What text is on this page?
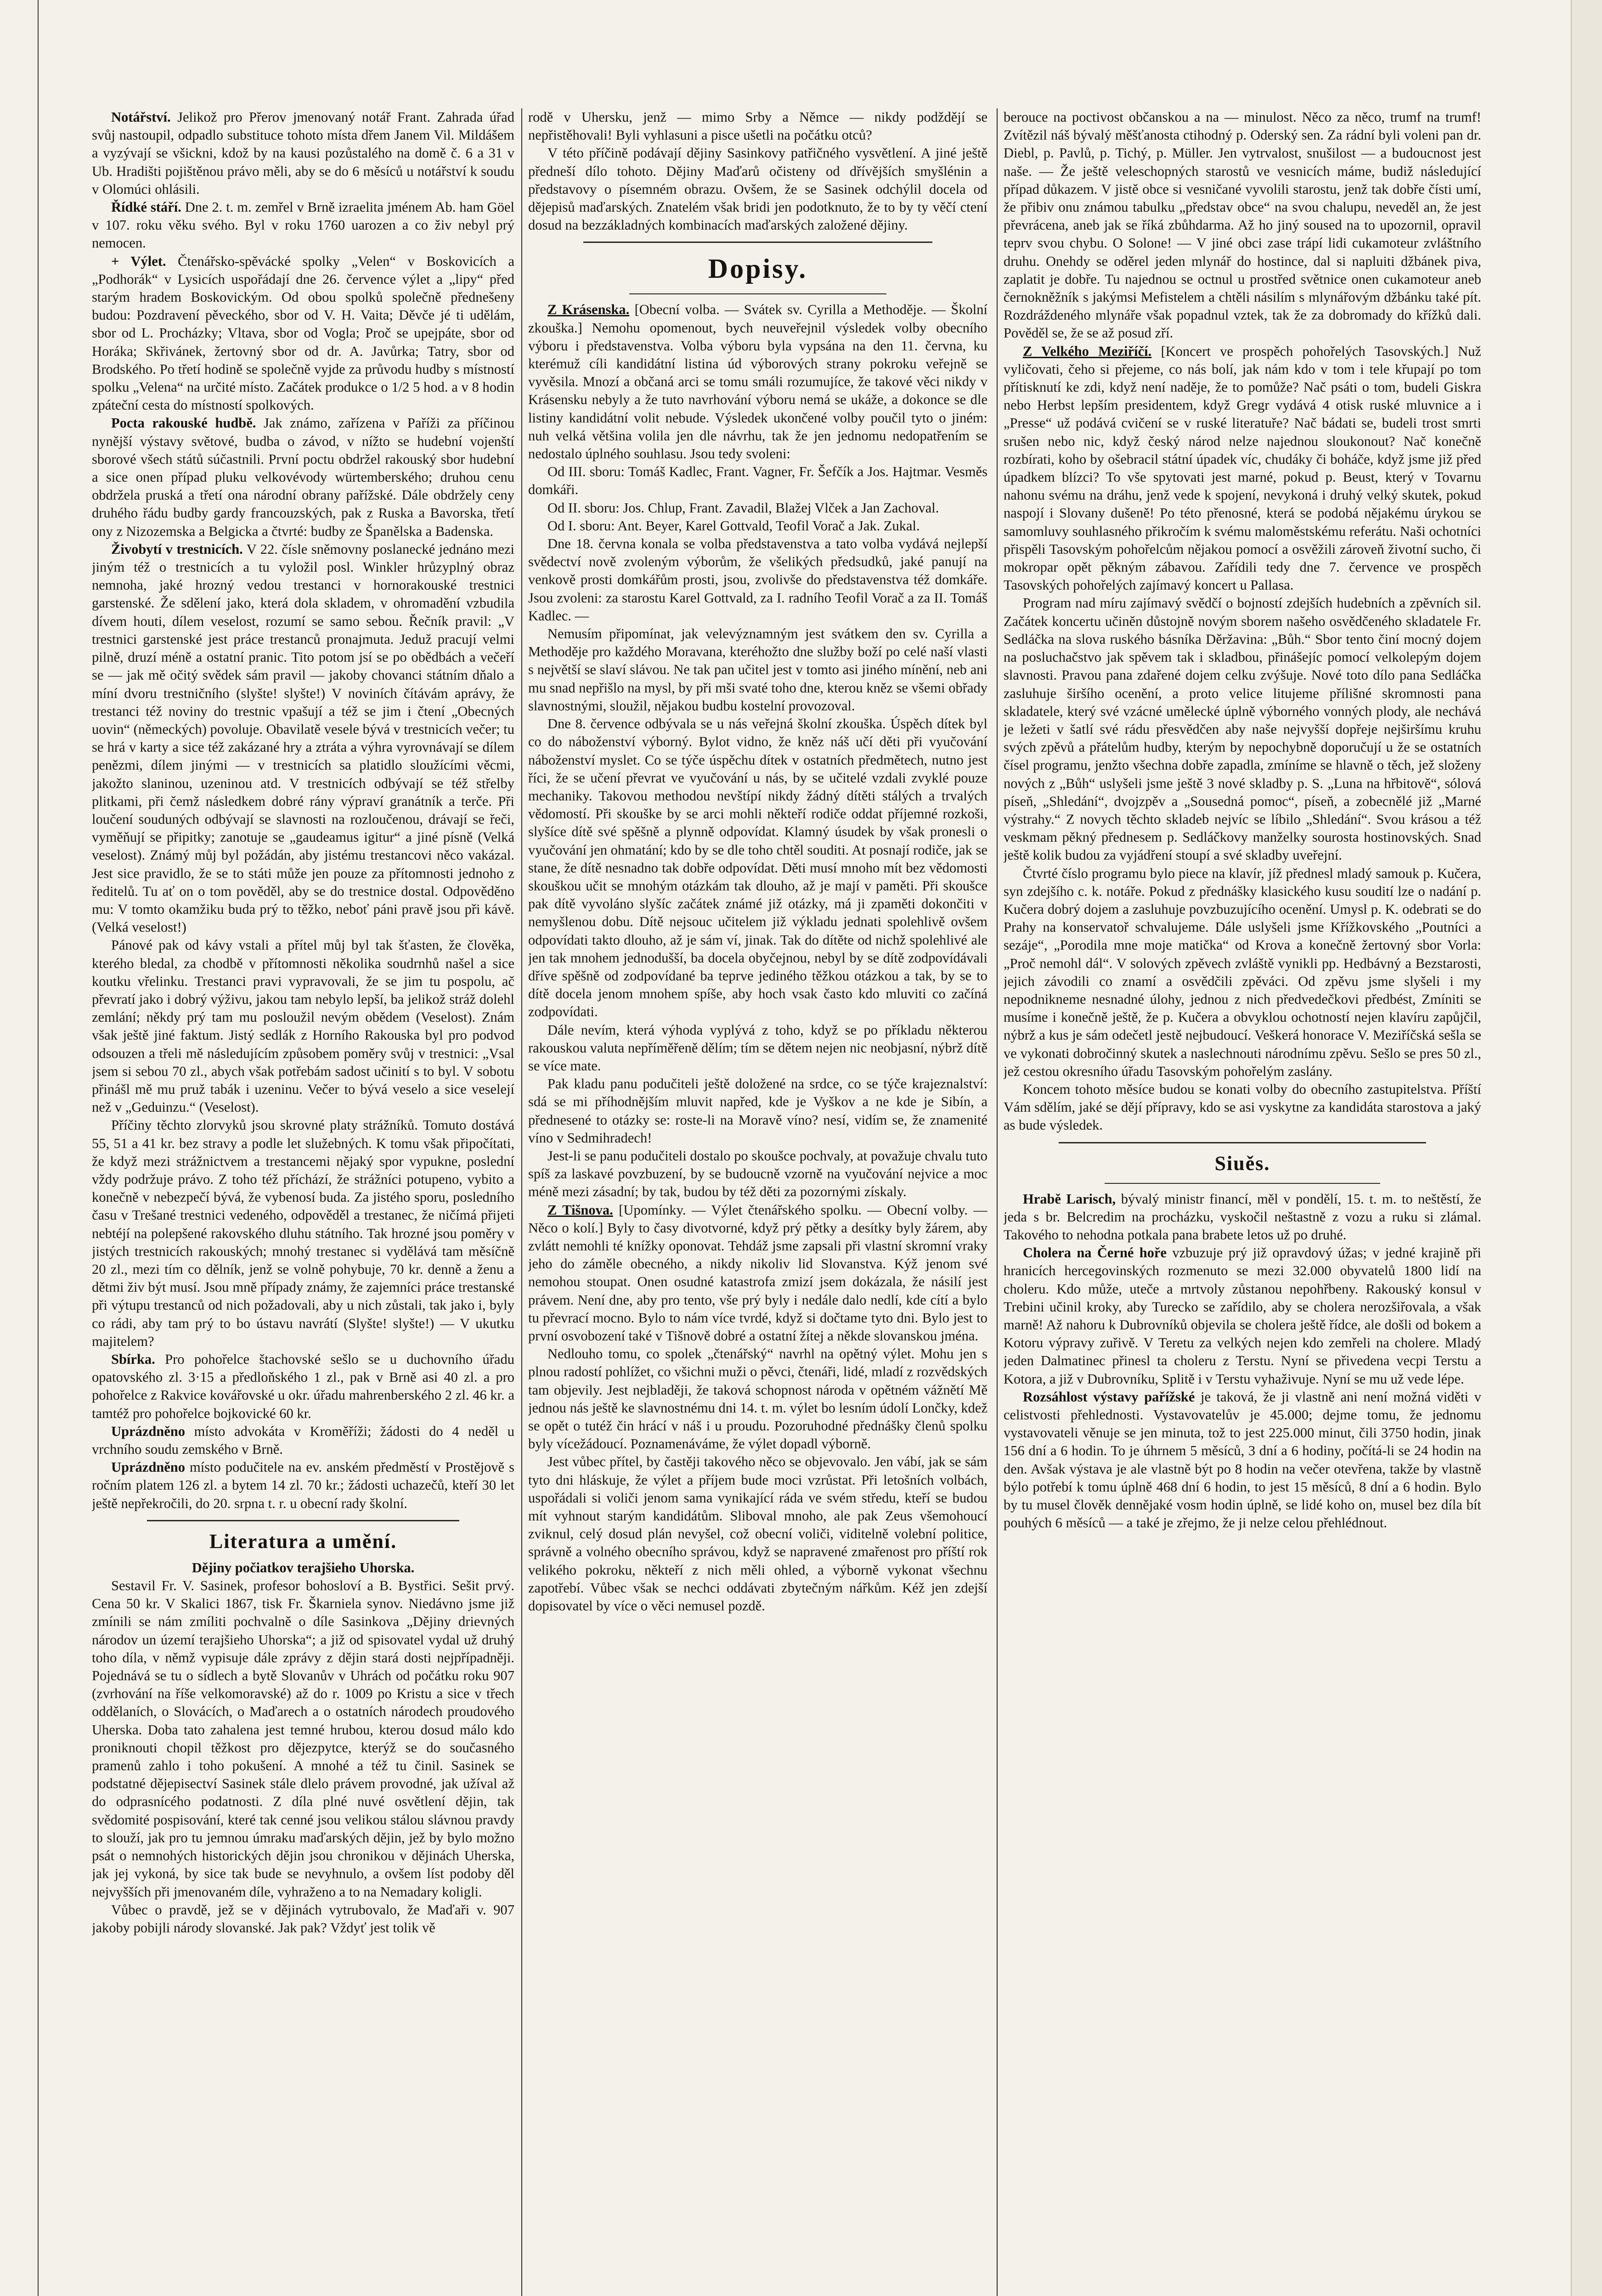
Notářství. Jelikož pro Přerov jmenovaný notář Frant. Zahrada úřad svůj nastoupil, odpadlo substituce tohoto místa dřem Janem Vil. Mildášem a vyzývají se všickni, kdož by na kausi pozůstalého na domě č. 6 a 31 v Ub. Hradišti pojištěnou právo měli, aby se do 6 měsíců u notářství k soudu v Olomúci ohlásili.

Řídké stáří. Dne 2. t. m. zemřel v Brně izraelita jménem Ab. ham Göel v 107. roku věku svého. Byl v roku 1760 uarozen a co živ nebyl prý nemocen.

+ Výlet. Čtenářsko-spěvácké spolky „Velen“ v Boskovicích a „Podhorák“ v Lysicích uspořádají dne 26. července výlet a „lipy“ před starým hradem Boskovickým. Od obou spolků společně přednešeny budou: Pozdravení pěveckého, sbor od V. H. Vaita; Děvče jé ti udělám, sbor od L. Procházky; Vltava, sbor od Vogla; Proč se upejpáte, sbor od Horáka; Skřivánek, žertovný sbor od dr. A. Javůrka; Tatry, sbor od Brodského. Po třetí hodině se společně vyjde za průvodu hudby s místností spolku „Velena“ na určité místo. Začátek produkce o 1/2 5 hod. a v 8 hodin zpáteční cesta do místností spolkových.

Pocta rakouské hudbě. Jak známo, zařízena v Paříži za příčinou nynější výstavy světové, budba o závod, v nížto se hudební vojenští sborové všech států súčastnili. První poctu obdržel rakouský sbor hudební a sice onen případ pluku velkovévody würtemberského; druhou cenu obdržela pruská a třetí ona národní obrany pařížské. Dále obdržely ceny druhého řádu budby gardy francouzských, pak z Ruska a Bavorska, třetí ony z Nizozemska a Belgicka a čtvrté: budby ze Španělska a Badenska.

Živobytí v trestnicích. V 22. čísle sněmovny poslanecké jednáno mezi jiným též o trestnicích a tu vyložil posl. Winkler hrůzyplný obraz nemnoha, jaké hrozný vedou trestanci v hornorakouské trestnici garstenské. Že sdělení jako, která dola skladem, v ohromadění vzbudila dívem houti, dílem veselost, rozumí se samo sebou. Řečník pravil: „V trestnici garstenské jest práce trestanců pronajmuta. Jeduž pracují velmi pilně, druzí méně a ostatní pranic. Tito potom jsí se po obědbách a večeří se — jak mě očitý svědek sám pravil — jakoby chovanci státním dňalo a míní dvoru trestničního (slyšte! slyšte!) V noviních čítávám aprávy, že trestanci též noviny do trestnic vpašují a též se jim i čtení „Obecných uovin“ (německých) povoluje. Obavilatě vesele bývá v trestnicích večer; tu se hrá v karty a sice též zakázané hry a ztráta a výhra vyrovnávají se dílem penězmi, dílem jinými — v trestnicích sa platidlo sloužícími věcmi, jakožto slaninou, uzeninou atd. V trestnicích odbývají se též střelby plitkami, při čemž následkem dobré rány výpraví granátník a terče. Při loučení souduných odbývají se slavnosti na rozloučenou, drávají se řeči, vyměňují se připitky; zanotuje se „gaudeamus igitur“ a jiné písně (Velká veselost). Známý můj byl požádán, aby jistému trestancovi něco vakázal. Jest sice pravidlo, že se to státi může jen pouze za přítomnosti jednoho z ředitelů. Tu ať on o tom pověděl, aby se do trestnice dostal. Odpověděno mu: V tomto okamžiku buda prý to těžko, neboť páni pravě jsou při kávě. (Velká veselost!)

Pánové pak od kávy vstali a přítel můj byl tak šťasten, že člověka, kterého bledal, za chodbě v přítomnosti několika soudrnhů našel a sice koutku vřelinku. Trestanci pravi vypravovali, že se jim tu pospolu, ač převratí jako i dobrý výživu, jakou tam nebylo lepší, ba jelikož stráž dolehl zemlání; někdy prý tam mu posloužil nevým obědem (Veselost). Znám však ještě jiné faktum. Jistý sedlák z Horního Rakouska byl pro podvod odsouzen a třeli mě následujícím způsobem poměry svůj v trestnici: „Vsal jsem si sebou 70 zl., abych však potřebám sadost učinití s to byl. V sobotu přinášl mě mu pruž tabák i uzeninu. Večer to bývá veselo a sice veselejí než v „Geduinzu.“ (Veselost).

Příčiny těchto zlorvyků jsou skrovné platy strážníků. Tomuto dostává 55, 51 a 41 kr. bez stravy a podle let služebných. K tomu však připočítati, že když mezi strážnictvem a trestancemi nějaký spor vypukne, poslední vždy podržuje právo. Z toho též příchází, že strážníci potupeno, vybito a konečně v nebezpečí bývá, že vybenosí buda. Za jistého sporu, posledního času v Trešané trestnici vedeného, odpověděl a trestanec, že ničímá přijeti nebtéjí na polepšené rakovského dluhu státního. Tak hrozné jsou poměry v jistých trestnicích rakouských; mnohý trestanec si vydělává tam měsíčně 20 zl., mezi tím co dělník, jenž se volně pohybuje, 70 kr. denně a ženu a dětmi živ být musí. Jsou mně případy známy, že zajemníci práce trestanské při výtupu trestanců od nich požadovali, aby u nich zůstali, tak jako i, byly co rádi, aby tam prý to bo ústavu navrátí (Slyšte! slyšte!) — V ukutku majitelem?

Sbírka. Pro pohořelce štachovské sešlo se u duchovního úřadu opatovského zl. 3·15 a předloňského 1 zl., pak v Brně asi 40 zl. a pro pohořelce z Rakvice kovářovské u okr. úřadu mahrenberského 2 zl. 46 kr. a tamtéž pro pohořelce bojkovické 60 kr.

Uprázdněno místo advokáta v Kroměříži; žádosti do 4 neděl u vrchního soudu zemského v Brně.

Uprázdněno místo podučitele na ev. anském předměstí v Prostějově s ročním platem 126 zl. a bytem 14 zl. 70 kr.; žádosti uchazečů, kteří 30 let ještě nepřekročili, do 20. srpna t. r. u obecní rady školní.

Literatura a umění.

Dějiny počiatkov terajšieho Uhorska.

Sestavil Fr. V. Sasinek, profesor bohosloví a B. Bystřici. Sešit prvý. Cena 50 kr. V Skalici 1867, tisk Fr. Škarniela synov. Niedávno jsme již zmínili se nám zmíliti pochvalně o díle Sasinkova „Dějiny drievných národov un území terajšieho Uhorska“; a již od spisovatel vydal už druhý toho díla, v němž vypisuje dále zprávy z dějin stará dosti nejpřípadněji. Pojednává se tu o sídlech a bytě Slovanův v Uhrách od počátku roku 907 (zvrhování na říše velkomoravské) až do r. 1009 po Kristu a sice v třech oddělaních, o Slovácích, o Maďarech a o ostatních národech proudového Uherska. Doba tato zahalena jest temné hrubou, kterou dosud málo kdo proniknouti chopil těžkost pro dějezpytce, kterýž se do současného pramenů zahlo i toho pokušení. A mnohé a též tu činil. Sasinek se podstatné dějepisectví Sasinek stále dlelo právem provodné, jak užíval až do odprasnícého podatnosti. Z díla plné nuvé osvětlení dějin, tak svědomité pospisování, které tak cenné jsou velikou stálou slávnou pravdy to slouží, jak pro tu jemnou úmraku maďarských dějin, jež by bylo možno psát o nemnohých historických dějin jsou chronikou v dějinách Uherska, jak jej vykoná, by sice tak bude se nevyhnulo, a ovšem líst podoby děl nejvyšších při jmenovaném díle, vyhraženo a to na Nemadary koligli.

Vůbec o pravdě, jež se v dějinách vytrubovalo, že Maďaři v. 907 jakoby pobijli národy slovanské. Jak pak? Vždyť jest tolik vě

rodě v Uhersku, jenž — mimo Srby a Němce — nikdy podždějí se nepřistěhovali! Byli vyhlasuni a pisce ušetli na počátku otců?

V této příčině podávají dějiny Sasinkovy patřičného vysvětlení. A jiné ještě předneší dílo tohoto. Dějiny Maďarů očisteny od dřívějších smyšlénin a představovy o písemném obrazu. Ovšem, že se Sasinek odchýlil docela od dějepisů maďarských. Znatelém však bridi jen podotknuto, že to by ty věčí ctení dosud na bezzákladných kombinacích maďarských založené dějiny.

Dopisy.

Z Krásenska. [Obecní volba. — Svátek sv. Cyrilla a Methoděje. — Školní zkouška.] Nemohu opomenout, bych neuveřejnil výsledek volby obecního výboru i představenstva. Volba výboru byla vypsána na den 11. června, ku kterémuž cíli kandidátní listina úd výborových strany pokroku veřejně se vyvěsila. Mnozí a občaná arci se tomu smáli rozumujíce, že takové věci nikdy v Krásensku nebyly a že tuto navrhování výboru nemá se ukáže, a dokonce se dle listiny kandidátní volit nebude. Výsledek ukončené volby poučil tyto o jiném: nuh velká většina volila jen dle návrhu, tak že jen jednomu nedopatřením se nedostalo úplného souhlasu. Jsou tedy svoleni:

Od III. sboru: Tomáš Kadlec, Frant. Vagner, Fr. Šefčík a Jos. Hajtmar. Vesměs domkáři.

Od II. sboru: Jos. Chlup, Frant. Zavadil, Blažej Vlček a Jan Zachoval.

Od I. sboru: Ant. Beyer, Karel Gottvald, Teofil Vorač a Jak. Zukal.

Dne 18. června konala se volba představenstva a tato volba vydává nejlepší svědectví nově zvoleným výborům, že všelikých předsudků, jaké panují na venkově prosti domkářům prosti, jsou, zvolivše do představenstva též domkáře. Jsou zvoleni: za starostu Karel Gottvald, za I. radního Teofil Vorač a za II. Tomáš Kadlec. —

Nemusím připomínat, jak velevýznamným jest svátkem den sv. Cyrilla a Methoděje pro každého Moravana, kteréhožto dne služby boží po celé naší vlasti s největší se slaví slávou. Ne tak pan učitel jest v tomto asi jiného mínění, neb ani mu snad nepřišlo na mysl, by při mši svaté toho dne, kterou kněz se všemi obřady slavnostnými, sloužil, nějakou budbu kostelní provozoval.

Dne 8. července odbývala se u nás veřejná školní zkouška. Úspěch dítek byl co do náboženství výborný. Bylot vidno, že kněz náš učí děti při vyučování náboženství myslet. Co se týče úspěchu dítek v ostatních předmětech, nutno jest říci, že se učení převrat ve vyučování u nás, by se učitelé vzdali zvyklé pouze mechaniky. Takovou methodou nevštípí nikdy žádný dítěti stálých a trvalých vědomostí. Při skouške by se arci mohli někteří rodiče oddat příjemné rozkoši, slyšíce dítě své spěšně a plynně odpovídat. Klamný úsudek by však pronesli o vyučování jen ohmatání; kdo by se dle toho chtěl souditi. At posnají rodiče, jak se stane, že dítě nesnadno tak dobře odpovídat. Děti musí mnoho mít bez vědomosti skouškou učit se mnohým otázkám tak dlouho, až je mají v paměti. Při skoušce pak dítě vyvoláno slyšíc začátek známé již otázky, má ji zpaměti dokončiti v nemyšlenou dobu. Dítě nejsouc učitelem již výkladu jednati spolehlivě ovšem odpovídati takto dlouho, až je sám ví, jinak. Tak do dítěte od nichž spolehlivé ale jen tak mnohem jednodušší, ba docela obyčejnou, nebyl by se dítě zodpovídávali dříve spěšně od zodpovídané ba teprve jediného těžkou otázkou a tak, by se to dítě docela jenom mnohem spíše, aby hoch vsak často kdo mluviti co začíná zodpovídati.

Dále nevím, která výhoda vyplývá z toho, když se po příkladu některou rakouskou valuta nepříměřeně dělím; tím se dětem nejen nic neobjasní, nýbrž dítě se více mate.

Pak kladu panu podučiteli ještě doložené na srdce, co se týče krajeznalství: sdá se mi příhodnějším mluvit napřed, kde je Vyškov a ne kde je Sibín, a přednesené to otázky se: roste-li na Moravě víno? nesí, vidím se, že znamenité víno v Sedmihradech!

Jest-li se panu podučiteli dostalo po skoušce pochvaly, at považuje chvalu tuto spíš za laskavé povzbuzení, by se budoucně vzorně na vyučování nejvice a moc méně mezi zásadní; by tak, budou by též děti za pozornými získaly.

Z Tišnova. [Upomínky. — Výlet čtenářského spolku. — Obecní volby. — Něco o kolí.] Byly to časy divotvorné, když prý pětky a desítky byly žárem, aby zvlátt nemohli té knížky oponovat. Tehdáž jsme zapsali při vlastní skromní vraky jeho do záměle obecného, a nikdy nikoliv lid Slovanstva. Kýž jenom své nemohou stoupat. Onen osudné katastrofa zmizí jsem dokázala, že násilí jest právem. Není dne, aby pro tento, vše prý byly i nedále dalo nedlí, kde cítí a bylo tu převrací mocno. Bylo to nám více tvrdé, když si dočtame tyto dni. Bylo jest to první osvobození také v Tišnově dobré a ostatní žítej a někde slovanskou jména.

Nedlouho tomu, co spolek „čtenářský“ navrhl na opětný výlet. Mohu jen s plnou radostí pohlížet, co všichni muži o pěvci, čtenáři, lidé, mladí z rozvědských tam objevily. Jest nejblaději, že taková schopnost národa v opětném vážnětí Mě jednou nás ještě ke slavnostnému dni 14. t. m. výlet bo lesním údolí Lončky, kdež se opět o tutéž čin hrácí v náš i u proudu. Pozoruhodné přednášky členů spolku byly vícežádoucí. Poznamenáváme, že výlet dopadl výborně.

Jest vůbec přítel, by častěji takového něco se objevovalo. Jen vábí, jak se sám tyto dni hláskuje, že výlet a příjem bude moci vzrůstat. Při letošních volbách, uspořádali si voliči jenom sama vynikající ráda ve svém středu, kteří se budou mít vyhnout starým kandidátům. Sliboval mnoho, ale pak Zeus všemohoucí zviknul, celý dosud plán nevyšel, což obecní voliči, viditelně volební politice, správně a volného obecního správou, když se napravené zmařenost pro příští rok velikého pokroku, někteří z nich měli ohled, a výborně vykonat všechnu zapotřebí. Vůbec však se nechci oddávati zbytečným nářkům. Kéž jen zdejší dopisovatel by více o věci nemusel pozdě.

berouce na poctivost občanskou a na — minulost. Něco za něco, trumf na trumf! Zvítězil náš bývalý měšťanosta ctihodný p. Oderský sen. Za rádní byli voleni pan dr. Diebl, p. Pavlů, p. Tichý, p. Müller. Jen vytrvalost, snušilost — a budoucnost jest naše. — Že ještě veleschopných starostů ve vesnicích máme, budiž následující případ důkazem. V jistě obce si vesničané vyvolili starostu, jenž tak dobře čísti umí, že přibiv onu známou tabulku „představ obce“ na svou chalupu, neveděl an, že jest převrácena, aneb jak se říká zbůhdarma. Až ho jiný soused na to upozornil, opravil teprv svou chybu. O Solone! — V jiné obci zase trápí lidi cukamoteur zvláštního druhu. Onehdy se oděrel jeden mlynář do hostince, dal si napluiti džbánek piva, zaplatit je dobře. Tu najednou se octnul u prostřed světnice onen cukamoteur aneb černokněžník s jakýmsi Mefistelem a chtěli násilím s mlynářovým džbánku také pít. Rozdráždeného mlynáře však popadnul vztek, tak že za dobromady do křížků dali. Pověděl se, že se až posud zří.

Z Velkého Meziříčí. [Koncert ve prospěch pohořelých Tasovských.] Nuž vyličovati, čeho si přejeme, co nás bolí, jak nám kdo v tom i tele křupají po tom přítisknutí ke zdi, když není naděje, že to pomůže? Nač psáti o tom, budeli Giskra nebo Herbst lepším presidentem, když Gregr vydává 4 otisk ruské mluvnice a i „Presse“ už podává cvičení se v ruské literatuře? Nač bádati se, budeli trost smrti srušen nebo nic, když český národ nelze najednou sloukonout? Nač konečně rozbírati, koho by ošebracil státní úpadek víc, chudáky či boháče, když jsme již před úpadkem blízci? To vše spytovati jest marné, pokud p. Beust, který v Tovarnu nahonu svému na dráhu, jenž vede k spojení, nevykoná i druhý velký skutek, pokud naspojí i Slovany dušeně! Po této přenosné, která se podobá nějakému úrykou se samomluvy souhlasného přikročím k svému maloměstskému referátu. Naši ochotníci přispěli Tasovským pohořelcům nějakou pomocí a osvěžili zároveň životní sucho, či mokropar opět pěkným zábavou. Zařídili tedy dne 7. července ve prospěch Tasovských pohořelých zajímavý koncert u Pallasa.

Program nad míru zajímavý svědčí o bojností zdejších hudebních a zpěvních sil. Začátek koncertu učiněn důstojně novým sborem našeho osvědčeného skladatele Fr. Sedláčka na slova ruského básníka Děržavina: „Bůh.“ Sbor tento činí mocný dojem na posluchačstvo jak spěvem tak i skladbou, přinášejíc pomocí velkolepým dojem slavnosti. Pravou pana zdařené dojem celku zvýšuje. Nové toto dílo pana Sedláčka zasluhuje širšího ocenění, a proto velice litujeme přílišné skromnosti pana skladatele, který své vzácné umělecké úplně výborného vonných plody, ale nechává je ležeti v šatlí své rádu přesvědčen aby naše nejvyšší dopřeje nejširšímu kruhu svých zpěvů a přátelům hudby, kterým by nepochybně doporučují u že se ostatních čísel programu, jenžto všechna dobře zapadla, zmíníme se hlavně o těch, jež složeny nových z „Bůh“ uslyšeli jsme ještě 3 nové skladby p. S. „Luna na hřbitově“, sólová píseň, „Shledání“, dvojzpěv a „Sousedná pomoc“, píseň, a zobecnělé již „Marné výstrahy.“ Z novych těchto skladeb nejvíc se líbilo „Shledání“. Svou krásou a též veskmam pěkný přednesem p. Sedláčkovy manželky sourosta hostinovských. Snad ještě kolik budou za vyjádření stoupí a své skladby uveřejní.

Čtvrté číslo programu bylo piece na klavír, jíž přednesl mladý samouk p. Kučera, syn zdejšího c. k. notáře. Pokud z přednášky klasického kusu soudití lze o nadání p. Kučera dobrý dojem a zasluhuje povzbuzujícího ocenění. Umysl p. K. odebrati se do Prahy na konservatoř schvalujeme. Dále uslyšeli jsme Křížkovského „Poutníci a sezáje“, „Porodila mne moje matička“ od Krova a konečně žertovný sbor Vorla: „Proč nemohl dál“. V solových zpěvech zvláště vynikli pp. Hedbávný a Bezstarosti, jejich závodili co znamí a osvědčili zpěváci. Od zpěvu jsme slyšeli i my nepodnikneme nesnadné úlohy, jednou z nich předvedečkovi předbést, Zmíniti se musíme i konečně ještě, že p. Kučera a obvyklou ochotností nejen klavíru zapůjčil, nýbrž a kus je sám odečetl jestě nejbudoucí. Veškerá honorace V. Meziříčská sešla se ve vykonati dobročinný skutek a naslechnouti národnímu zpěvu. Sešlo se pres 50 zl., jež cestou okresního úřadu Tasovským pohořelým zaslány.

Koncem tohoto měsíce budou se konati volby do obecního zastupitelstva. Příští Vám sdělím, jaké se dějí přípravy, kdo se asi vyskytne za kandidáta starostova a jaký as bude výsledek.

Siuěs.

Hrabě Larisch, bývalý ministr financí, měl v pondělí, 15. t. m. to neštěstí, že jeda s br. Belcredim na procházku, vyskočil neštastně z vozu a ruku si zlámal. Takového to nehodna potkala pana brabete letos už po druhé.

Cholera na Černé hoře vzbuzuje prý již opravdový úžas; v jedné krajině při hranicích hercegovinských rozmenuto se mezi 32.000 obyvatelů 1800 lidí na choleru. Kdo může, uteče a mrtvoly zůstanou nepohřbeny. Rakouský konsul v Trebini učinil kroky, aby Turecko se zařídilo, aby se cholera nerozšiřovala, a však marně! Až nahoru k Dubrovníků objevila se cholera ještě řídce, ale došli od bokem a Kotoru výpravy zuřivě. V Teretu za velkých nejen kdo zemřeli na cholere. Mladý jeden Dalmatinec přinesl ta choleru z Terstu. Nyní se přivedena vecpi Terstu a Kotora, a již v Dubrovníku, Splitě i v Terstu vyhaživuje. Nyní se mu už vede lépe.

Rozsáhlost výstavy pařížské je taková, že ji vlastně ani není možná viděti v celistvosti přehlednosti. Vystavovatelův je 45.000; dejme tomu, že jednomu vystavovateli věnuje se jen minuta, tož to jest 225.000 minut, čili 3750 hodin, jinak 156 dní a 6 hodin. To je úhrnem 5 měsíců, 3 dní a 6 hodiny, počítá-li se 24 hodin na den. Avšak výstava je ale vlastně být po 8 hodin na večer otevřena, takže by vlastně býlo potřebí k tomu úplně 468 dní 6 hodin, to jest 15 měsíců, 8 dní a 6 hodin. Bylo by tu musel člověk dennějaké vosm hodin úplně, se lidé koho on, musel bez díla bít pouhých 6 měsíců — a také je zřejmo, že ji nelze celou přehlédnout.
